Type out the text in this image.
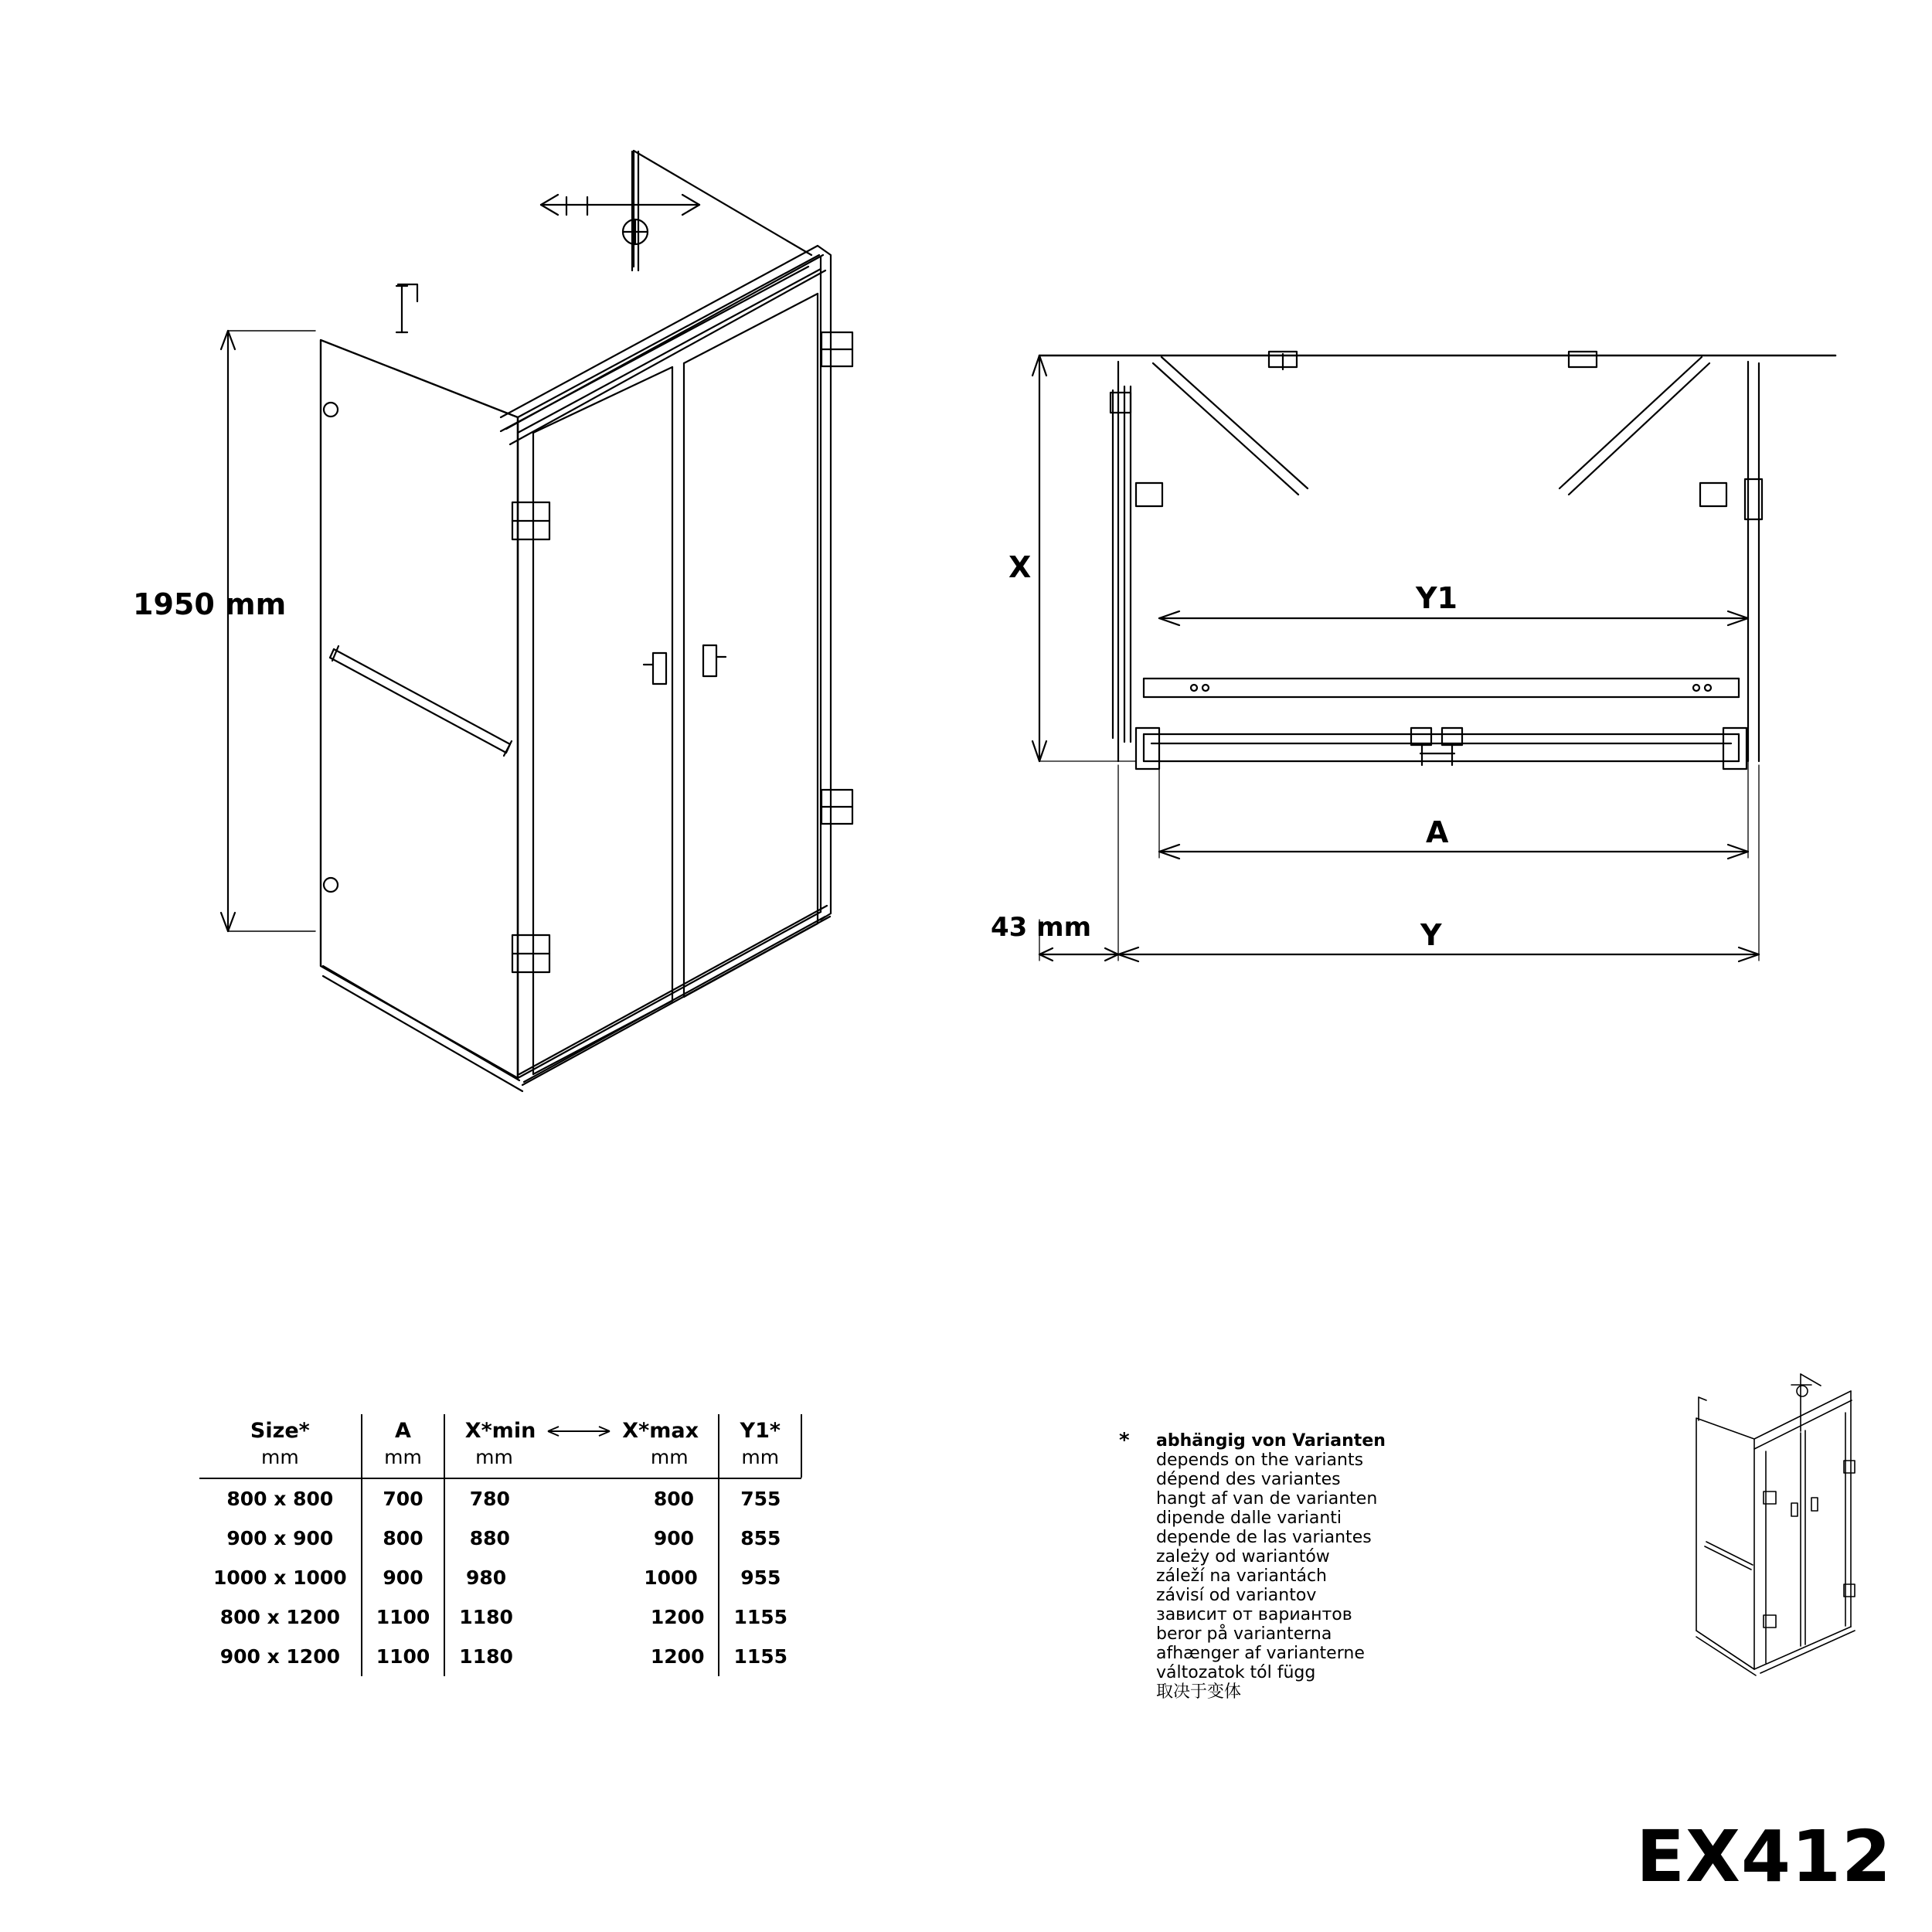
1950 mm
X
Y1
A
Y
43 mm
Size*	A	X*min X*max	Y1*
mm	mm	mm mm	mm

800 x 800	700	780 800	755
900 x 900	800	880 900	855
1000 x 1000	900	980 1000	955
800 x 1200	1100	1180 1200	1155
900 x 1200	1100	1180 1200	1155
* abhängig von Varianten
depends on the variants
dépend des variantes
hangt af van de varianten
dipende dalle varianti
depende de las variantes
zależy od wariantów
záleží na variantách
závisí od variantov
зависит от вариантов
beror på varianterna
afhænger af varianterne
változatok tól függ
取决于变体
EX412
